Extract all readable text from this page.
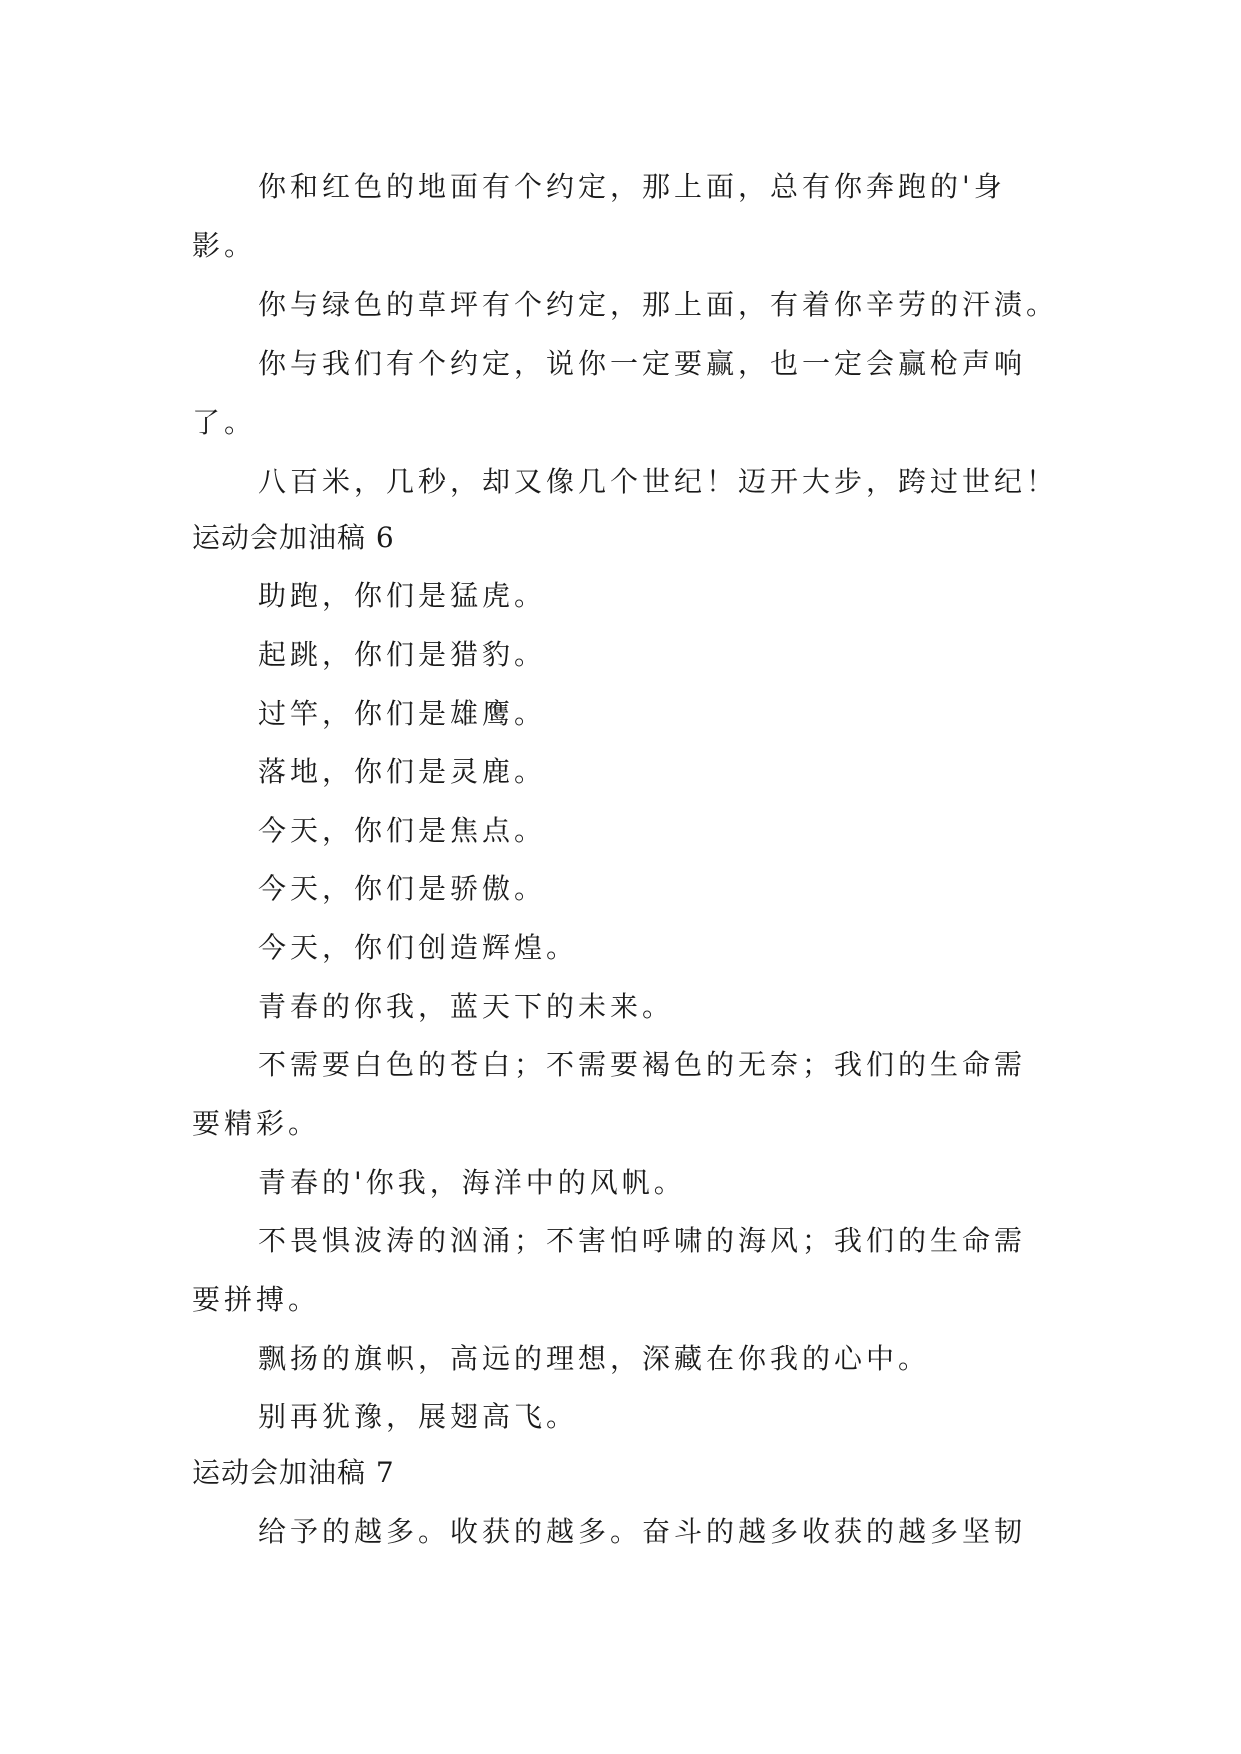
你和红色的地面有个约定，那上面，总有你奔跑的'身
影。
你与绿色的草坪有个约定，那上面，有着你辛劳的汗渍。
你与我们有个约定，说你一定要赢，也一定会赢枪声响
了。
八百米，几秒，却又像几个世纪！迈开大步，跨过世纪！
运动会加油稿 6
助跑，你们是猛虎。
起跳，你们是猎豹。
过竿，你们是雄鹰。
落地，你们是灵鹿。
今天，你们是焦点。
今天，你们是骄傲。
今天，你们创造辉煌。
青春的你我，蓝天下的未来。
不需要白色的苍白；不需要褐色的无奈；我们的生命需
要精彩。
青春的'你我，海洋中的风帆。
不畏惧波涛的汹涌；不害怕呼啸的海风；我们的生命需
要拼搏。
飘扬的旗帜，高远的理想，深藏在你我的心中。
别再犹豫，展翅高飞。
运动会加油稿 7
给予的越多。收获的越多。奋斗的越多收获的越多坚韧
